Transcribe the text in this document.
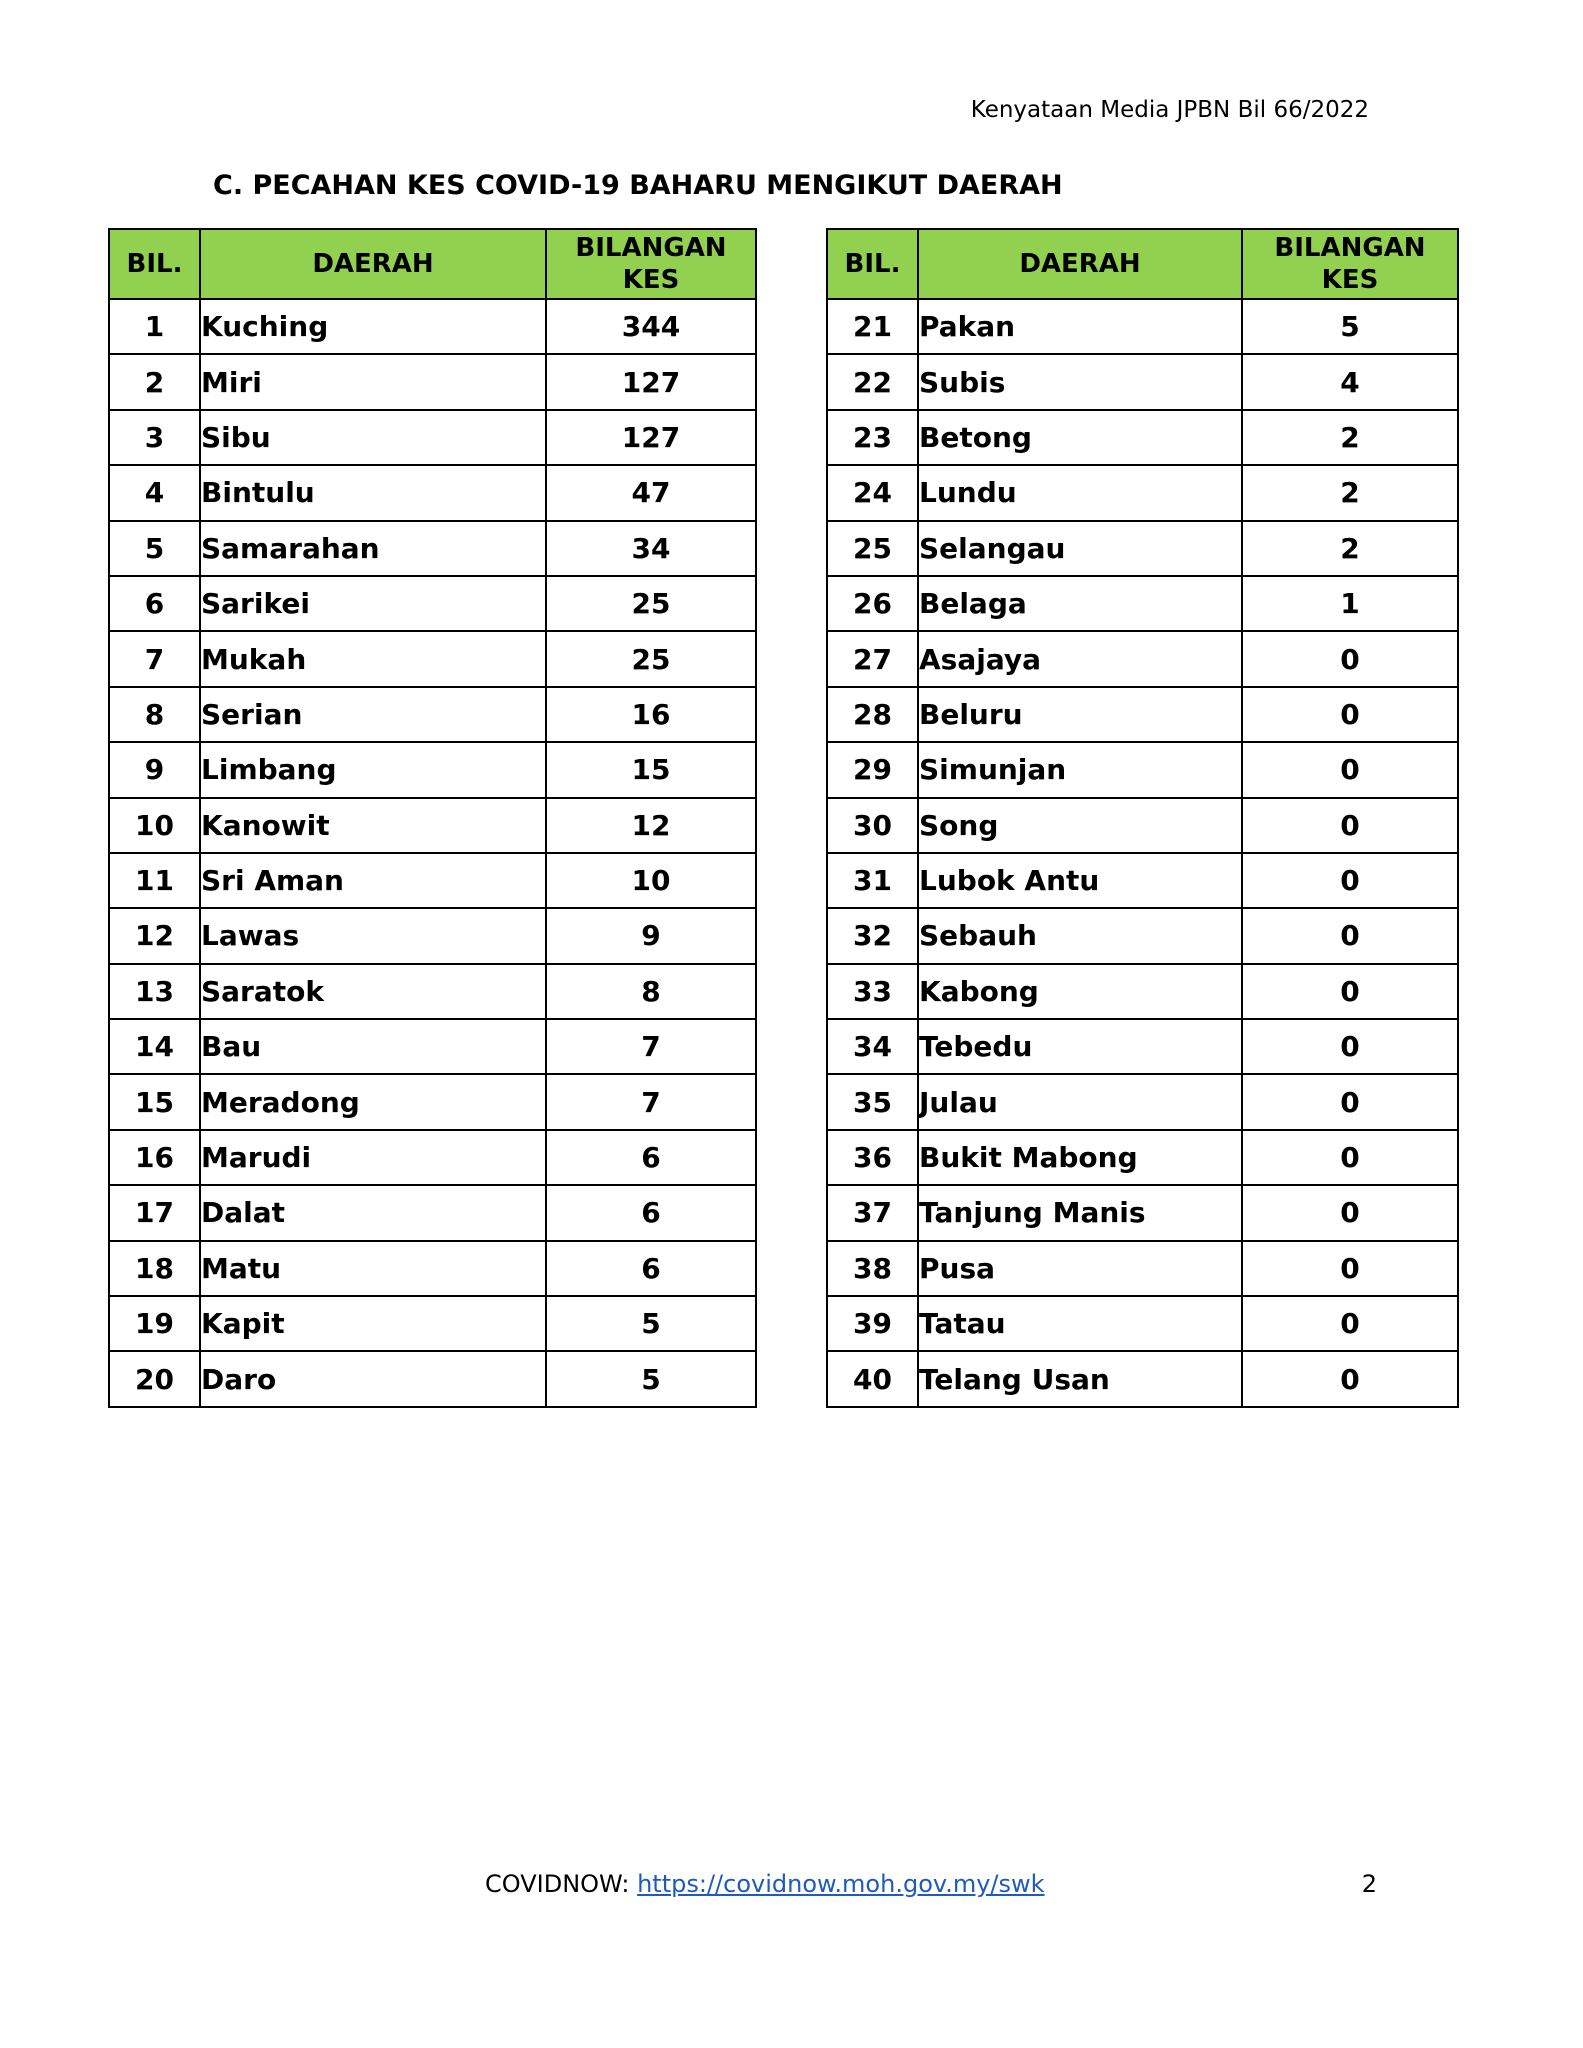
Kenyataan Media JPBN Bil 66/2022
C. PECAHAN KES COVID-19 BAHARU MENGIKUT DAERAH
BIL.	DAERAH	BILANGAN
KES
1	Kuching	344
2	Miri	127
3	Sibu	127
4	Bintulu	47
5	Samarahan	34
6	Sarikei	25
7	Mukah	25
8	Serian	16
9	Limbang	15
10	Kanowit	12
11	Sri Aman	10
12	Lawas	9
13	Saratok	8
14	Bau	7
15	Meradong	7
16	Marudi	6
17	Dalat	6
18	Matu	6
19	Kapit	5
20	Daro	5
BIL.	DAERAH	BILANGAN
KES
21	Pakan	5
22	Subis	4
23	Betong	2
24	Lundu	2
25	Selangau	2
26	Belaga	1
27	Asajaya	0
28	Beluru	0
29	Simunjan	0
30	Song	0
31	Lubok Antu	0
32	Sebauh	0
33	Kabong	0
34	Tebedu	0
35	Julau	0
36	Bukit Mabong	0
37	Tanjung Manis	0
38	Pusa	0
39	Tatau	0
40	Telang Usan	0
COVIDNOW: https://covidnow.moh.gov.my/swk	2
